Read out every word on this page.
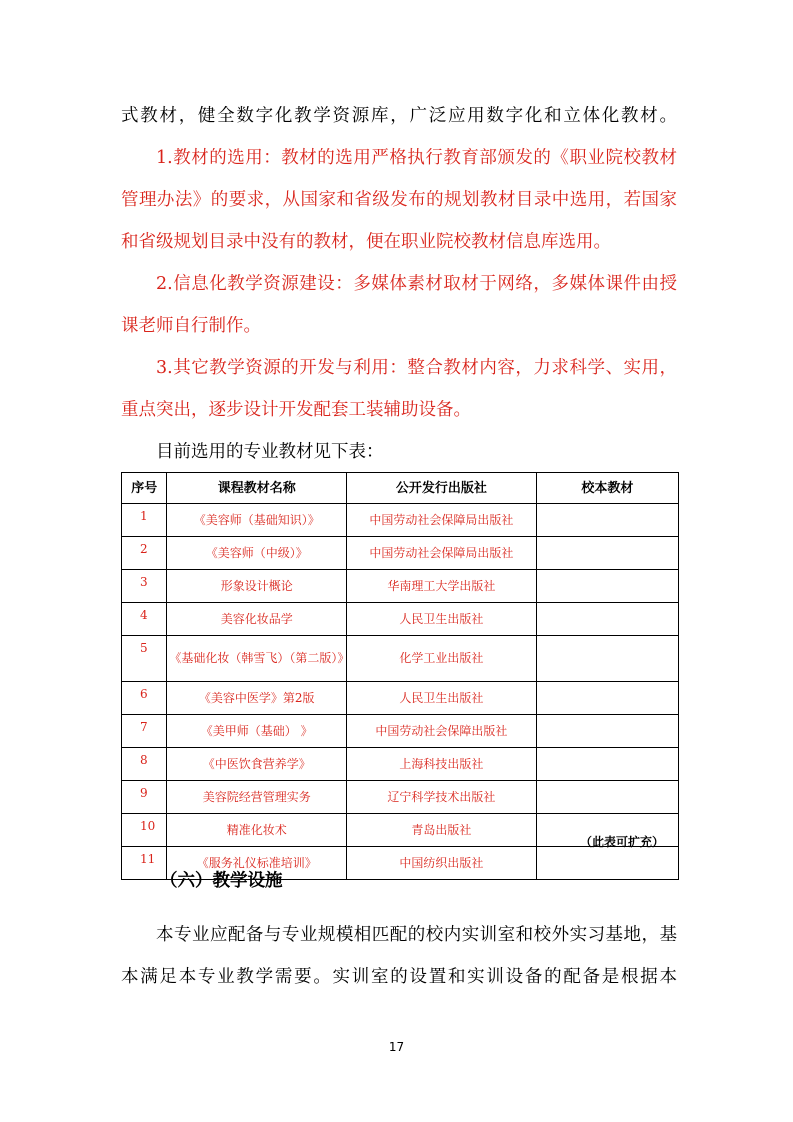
式教材，健全数字化教学资源库，广泛应用数字化和立体化教材。

1.教材的选用：教材的选用严格执行教育部颁发的《职业院校教材管理办法》的要求，从国家和省级发布的规划教材目录中选用，若国家和省级规划目录中没有的教材，便在职业院校教材信息库选用。

2.信息化教学资源建设：多媒体素材取材于网络，多媒体课件由授课老师自行制作。

3.其它教学资源的开发与利用：整合教材内容，力求科学、实用，重点突出，逐步设计开发配套工装辅助设备。

目前选用的专业教材见下表：

序号	课程教材名称	公开发行出版社	校本教材
1	《美容师（基础知识）》	中国劳动社会保障局出版社	
2	《美容师（中级）》	中国劳动社会保障局出版社	
3	形象设计概论	华南理工大学出版社	
4	美容化妆品学	人民卫生出版社	
5	《基础化妆（韩雪飞）（第二版）》	化学工业出版社	
6	《美容中医学》第2版	人民卫生出版社	
7	《美甲师（基础） 》	中国劳动社会保障出版社	
8	《中医饮食营养学》	上海科技出版社	
9	美容院经营管理实务	辽宁科学技术出版社	
10	精准化妆术	青岛出版社	
11	《服务礼仪标准培训》	中国纺织出版社	

（此表可扩充）

（六）教学设施

本专业应配备与专业规模相匹配的校内实训室和校外实习基地，基本满足本专业教学需要。实训室的设置和实训设备的配备是根据本

17
